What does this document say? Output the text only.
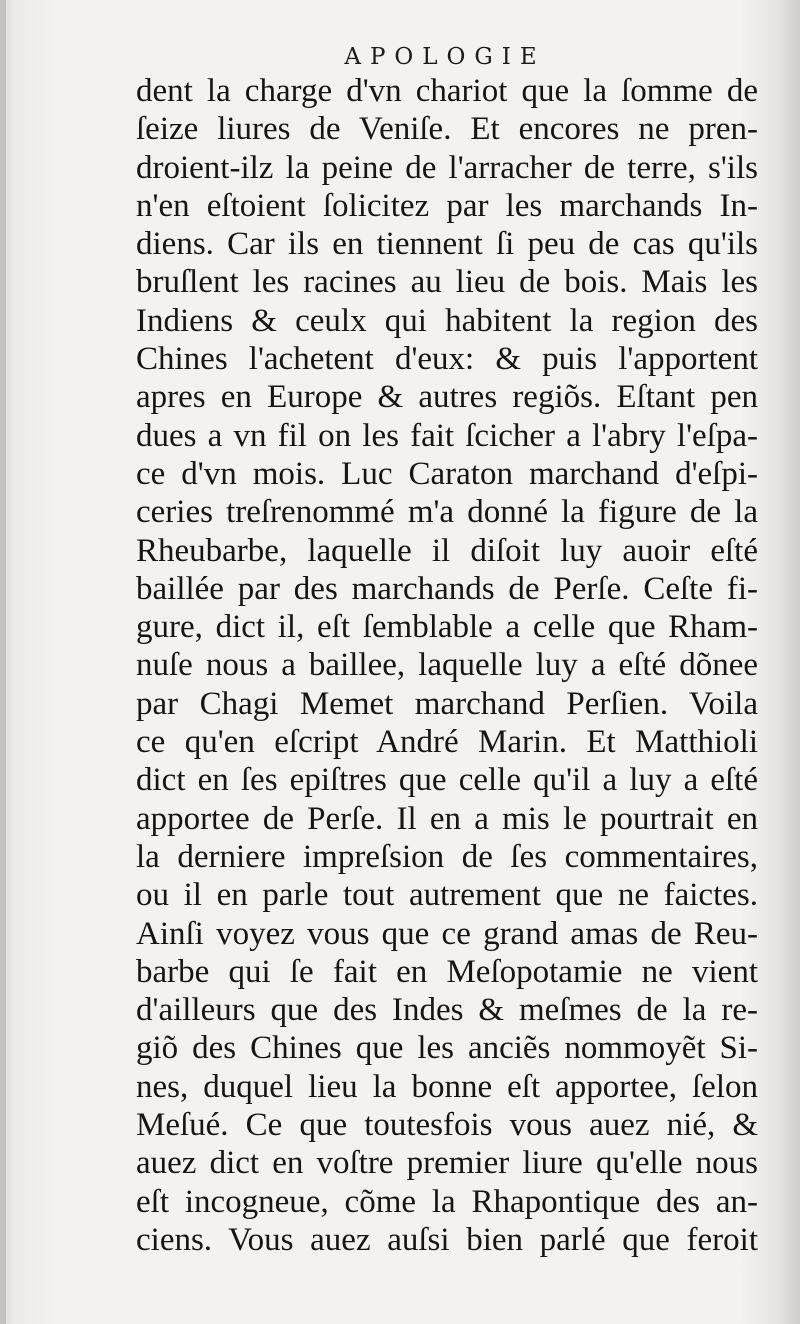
APOLOGIE
dent la charge d'vn chariot que la ſomme de
ſeize liures de Veniſe. Et encores ne pren-
droient-ilz la peine de l'arracher de terre, s'ils
n'en eſtoient ſolicitez par les marchands In-
diens. Car ils en tiennent ſi peu de cas qu'ils
bruſlent les racines au lieu de bois. Mais les
Indiens & ceulx qui habitent la region des
Chines l'achetent d'eux: & puis l'apportent
apres en Europe & autres regiõs. Eſtant pen
dues a vn fil on les fait ſcicher a l'abry l'eſpa-
ce d'vn mois. Luc Caraton marchand d'eſpi-
ceries treſrenommé m'a donné la figure de la
Rheubarbe, laquelle il diſoit luy auoir eſté
baillée par des marchands de Perſe. Ceſte fi-
gure, dict il, eſt ſemblable a celle que Rham-
nuſe nous a baillee, laquelle luy a eſté dõnee
par Chagi Memet marchand Perſien. Voila
ce qu'en eſcript André Marin. Et Matthioli
dict en ſes epiſtres que celle qu'il a luy a eſté
apportee de Perſe. Il en a mis le pourtrait en
la derniere impreſsion de ſes commentaires,
ou il en parle tout autrement que ne faictes.
Ainſi voyez vous que ce grand amas de Reu-
barbe qui ſe fait en Meſopotamie ne vient
d'ailleurs que des Indes & meſmes de la re-
giõ des Chines que les anciẽs nommoyẽt Si-
nes, duquel lieu la bonne eſt apportee, ſelon
Meſué. Ce que toutesfois vous auez nié, &
auez dict en voſtre premier liure qu'elle nous
eſt incogneue, cõme la Rhapontique des an-
ciens. Vous auez auſsi bien parlé que feroit
